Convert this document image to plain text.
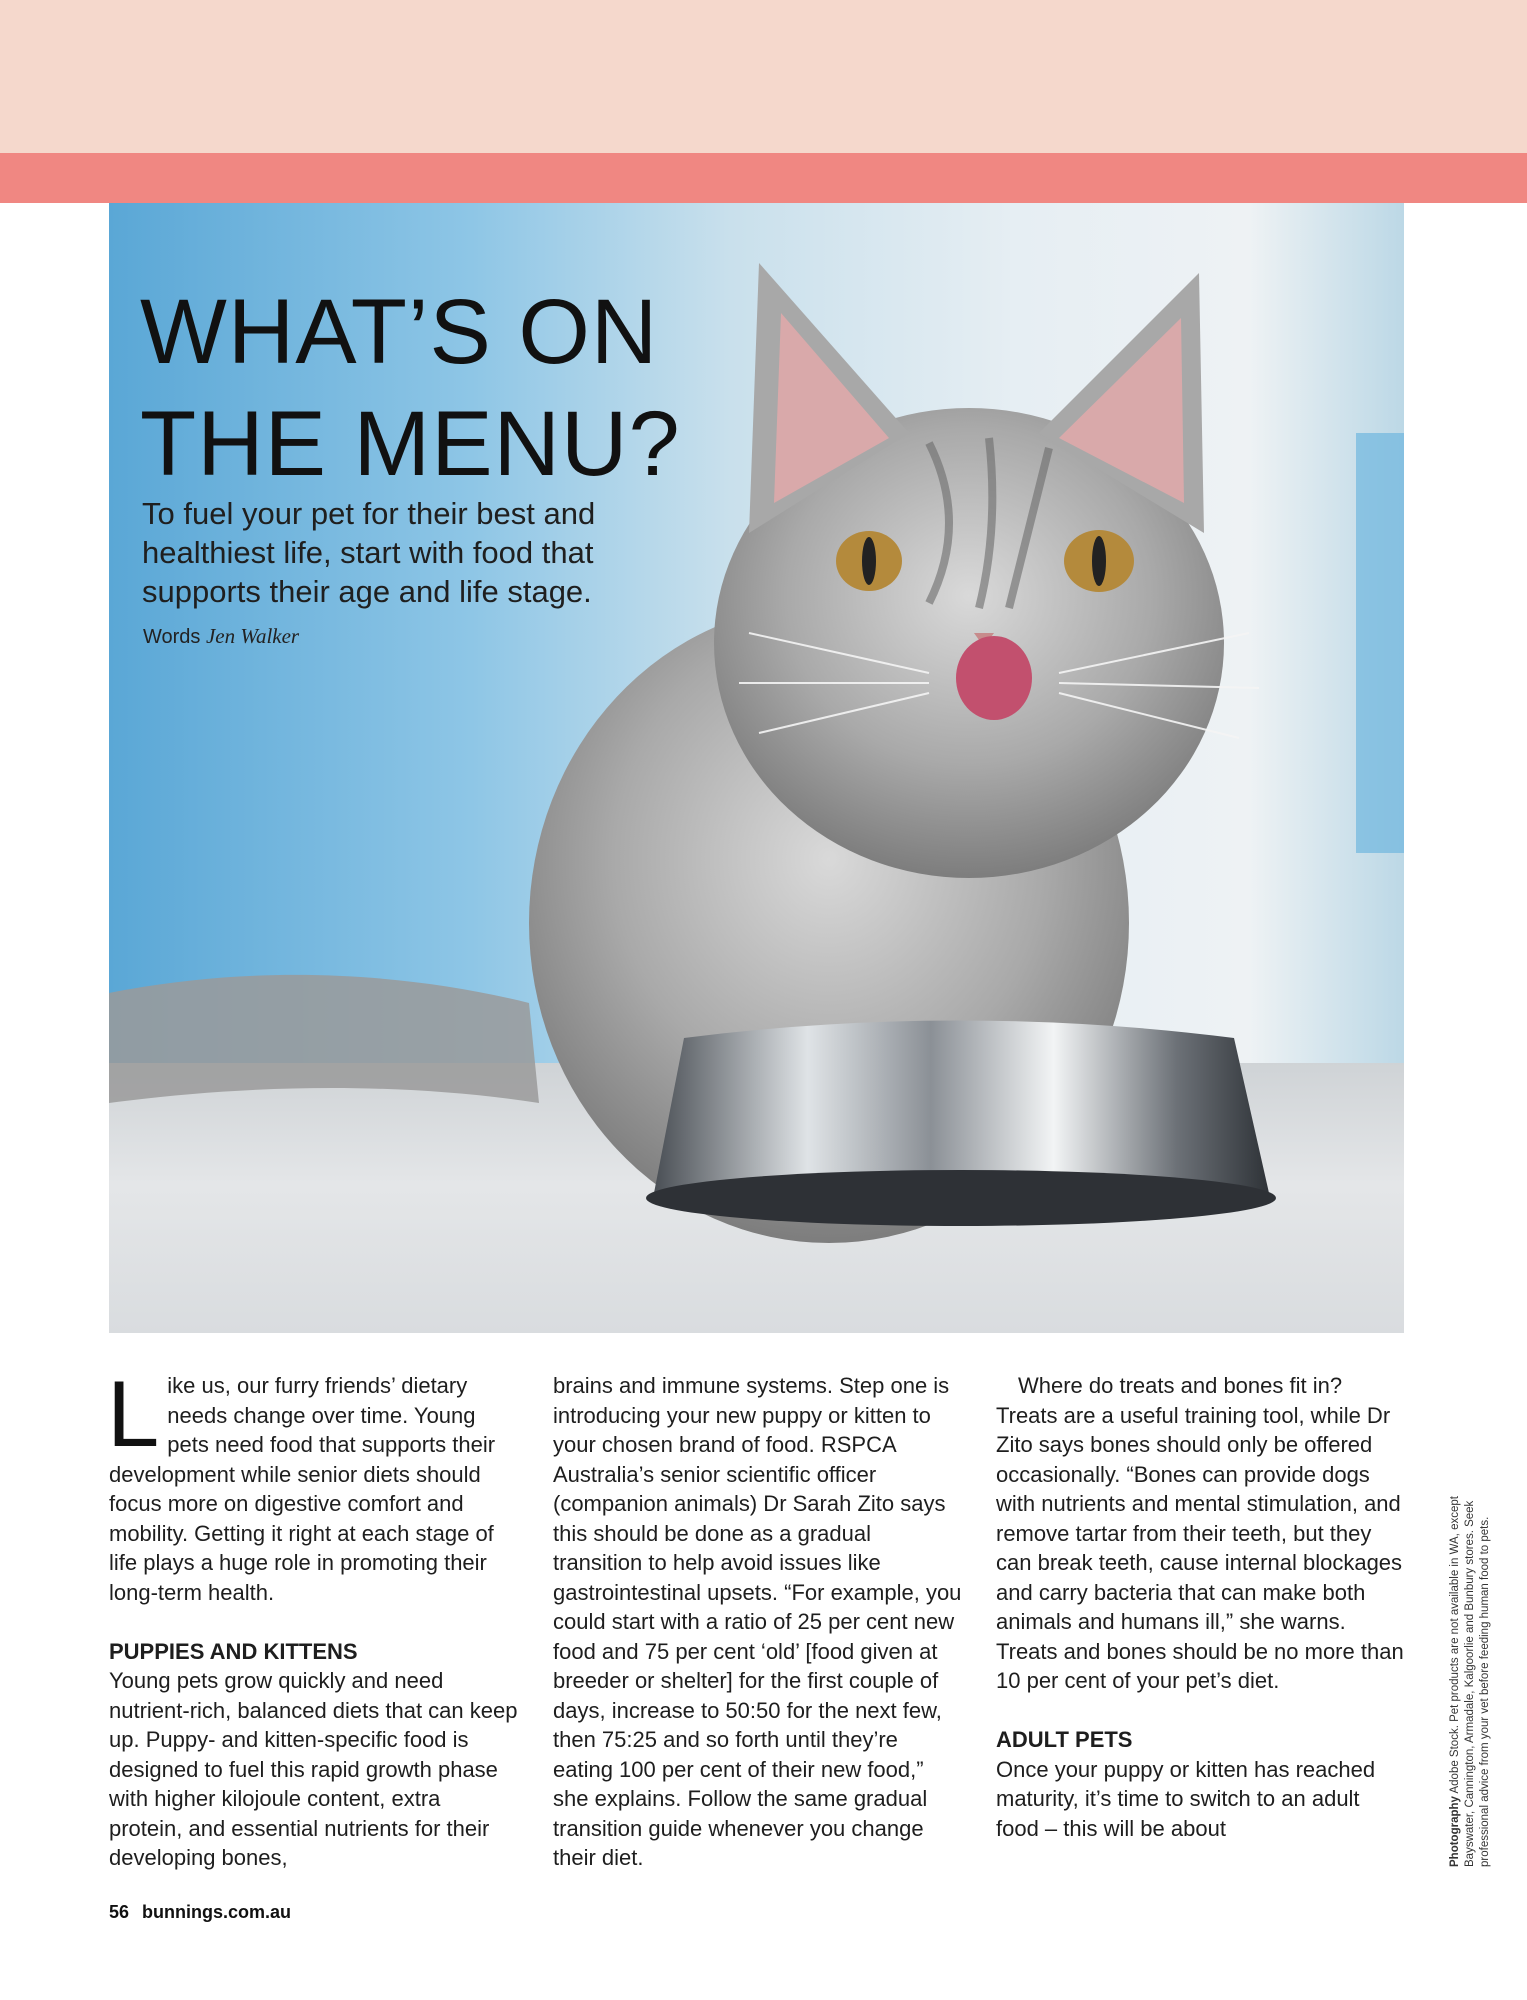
WHAT’S ON
THE MENU?

To fuel your pet for their best and healthiest life, start with food that supports their age and life stage.

Words Jen Walker

Like us, our furry friends’ dietary needs change over time. Young pets need food that supports their development while senior diets should focus more on digestive comfort and mobility. Getting it right at each stage of life plays a huge role in promoting their long-term health.

PUPPIES AND KITTENS

Young pets grow quickly and need nutrient-rich, balanced diets that can keep up. Puppy- and kitten-specific food is designed to fuel this rapid growth phase with higher kilojoule content, extra protein, and essential nutrients for their developing bones,

brains and immune systems. Step one is introducing your new puppy or kitten to your chosen brand of food. RSPCA Australia’s senior scientific officer (companion animals) Dr Sarah Zito says this should be done as a gradual transition to help avoid issues like gastrointestinal upsets. “For example, you could start with a ratio of 25 per cent new food and 75 per cent ‘old’ [food given at breeder or shelter] for the first couple of days, increase to 50:50 for the next few, then 75:25 and so forth until they’re eating 100 per cent of their new food,” she explains. Follow the same gradual transition guide whenever you change their diet.

Where do treats and bones fit in? Treats are a useful training tool, while Dr Zito says bones should only be offered occasionally. “Bones can provide dogs with nutrients and mental stimulation, and remove tartar from their teeth, but they can break teeth, cause internal blockages and carry bacteria that can make both animals and humans ill,” she warns. Treats and bones should be no more than 10 per cent of your pet’s diet.

ADULT PETS

Once your puppy or kitten has reached maturity, it’s time to switch to an adult food – this will be about

56 bunnings.com.au
Photography Adobe Stock. Pet products are not available in WA, except Bayswater, Cannington, Armadale, Kalgoorlie and Bunbury stores. Seek professional advice from your vet before feeding human food to pets.
